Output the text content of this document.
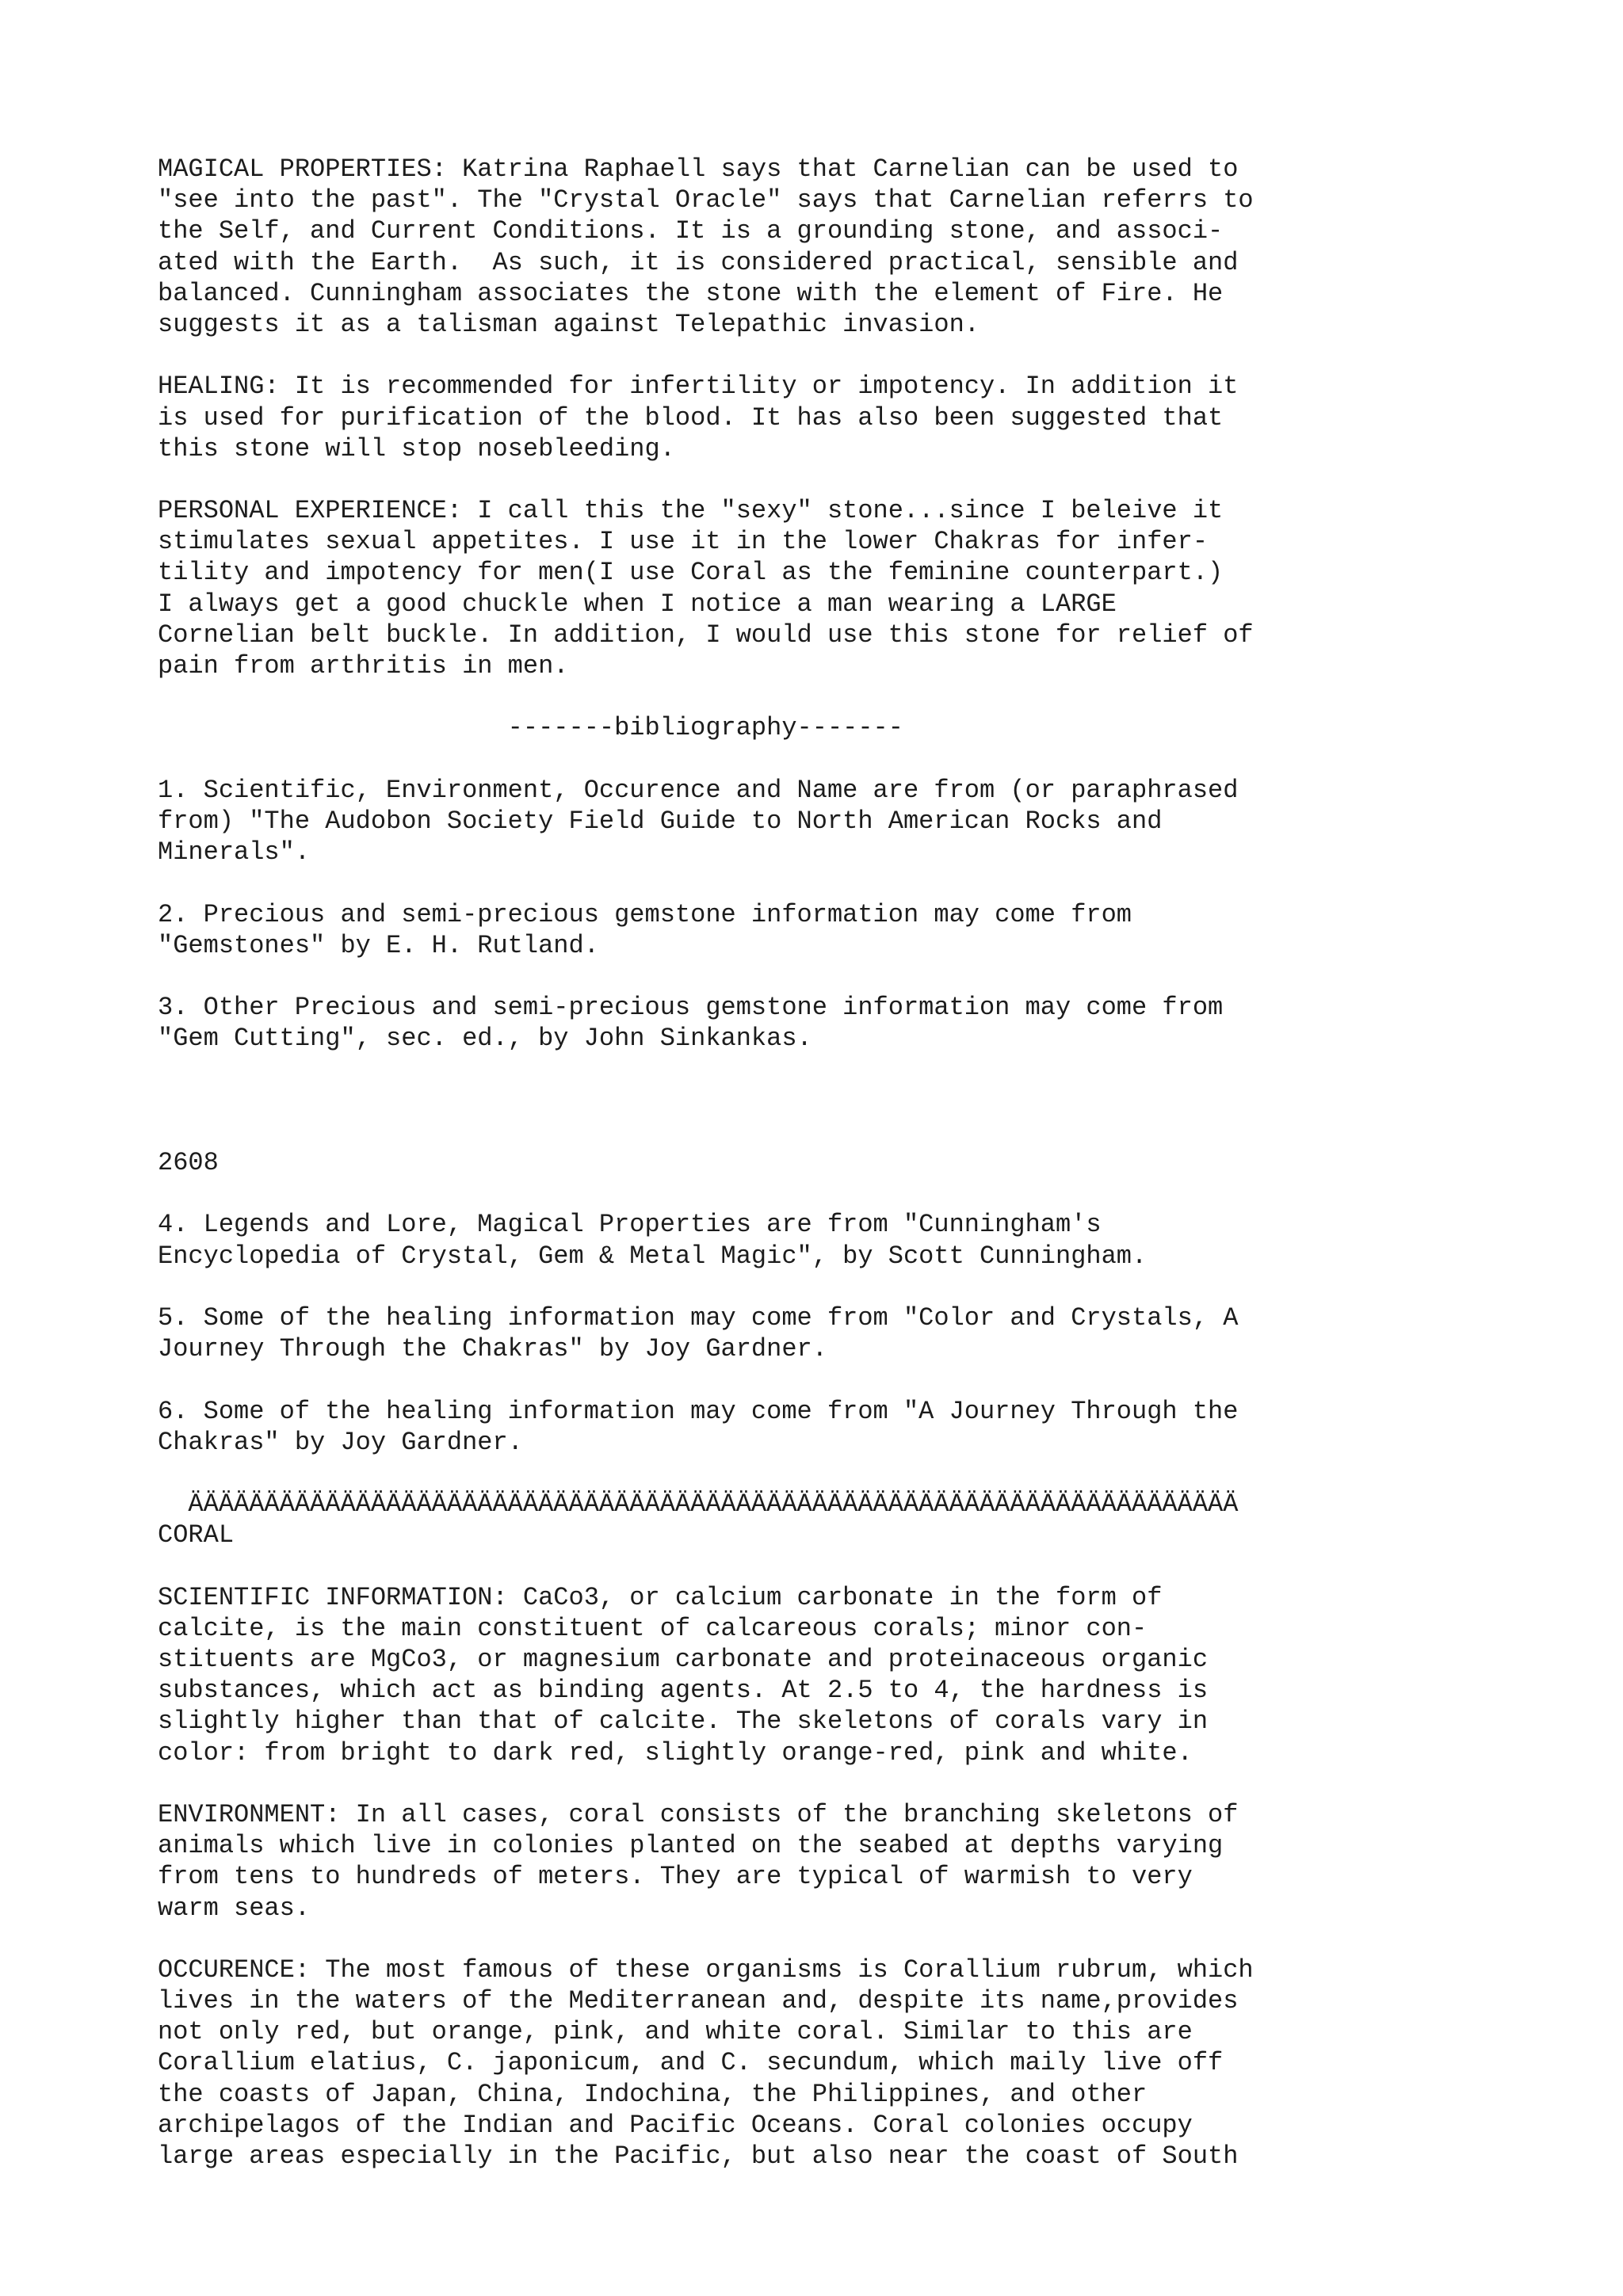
MAGICAL PROPERTIES: Katrina Raphaell says that Carnelian can be used to
"see into the past". The "Crystal Oracle" says that Carnelian referrs to
the Self, and Current Conditions. It is a grounding stone, and associ-
ated with the Earth.  As such, it is considered practical, sensible and
balanced. Cunningham associates the stone with the element of Fire. He
suggests it as a talisman against Telepathic invasion.
HEALING: It is recommended for infertility or impotency. In addition it
is used for purification of the blood. It has also been suggested that
this stone will stop nosebleeding.
PERSONAL EXPERIENCE: I call this the "sexy" stone...since I beleive it
stimulates sexual appetites. I use it in the lower Chakras for infer-
tility and impotency for men(I use Coral as the feminine counterpart.)
I always get a good chuckle when I notice a man wearing a LARGE
Cornelian belt buckle. In addition, I would use this stone for relief of
pain from arthritis in men.
-------bibliography-------
1. Scientific, Environment, Occurence and Name are from (or paraphrased
from) "The Audobon Society Field Guide to North American Rocks and
Minerals".
2. Precious and semi-precious gemstone information may come from
"Gemstones" by E. H. Rutland.
3. Other Precious and semi-precious gemstone information may come from
"Gem Cutting", sec. ed., by John Sinkankas.
2608
4. Legends and Lore, Magical Properties are from "Cunningham's
Encyclopedia of Crystal, Gem & Metal Magic", by Scott Cunningham.
5. Some of the healing information may come from "Color and Crystals, A
Journey Through the Chakras" by Joy Gardner.
6. Some of the healing information may come from "A Journey Through the
Chakras" by Joy Gardner.
ÄÄÄÄÄÄÄÄÄÄÄÄÄÄÄÄÄÄÄÄÄÄÄÄÄÄÄÄÄÄÄÄÄÄÄÄÄÄÄÄÄÄÄÄÄÄÄÄÄÄÄÄÄÄÄÄÄÄÄÄÄÄÄÄÄÄÄÄÄ
CORAL
SCIENTIFIC INFORMATION: CaCo3, or calcium carbonate in the form of
calcite, is the main constituent of calcareous corals; minor con-
stituents are MgCo3, or magnesium carbonate and proteinaceous organic
substances, which act as binding agents. At 2.5 to 4, the hardness is
slightly higher than that of calcite. The skeletons of corals vary in
color: from bright to dark red, slightly orange-red, pink and white.
ENVIRONMENT: In all cases, coral consists of the branching skeletons of
animals which live in colonies planted on the seabed at depths varying
from tens to hundreds of meters. They are typical of warmish to very
warm seas.
OCCURENCE: The most famous of these organisms is Corallium rubrum, which
lives in the waters of the Mediterranean and, despite its name,provides
not only red, but orange, pink, and white coral. Similar to this are
Corallium elatius, C. japonicum, and C. secundum, which maily live off
the coasts of Japan, China, Indochina, the Philippines, and other
archipelagos of the Indian and Pacific Oceans. Coral colonies occupy
large areas especially in the Pacific, but also near the coast of South
